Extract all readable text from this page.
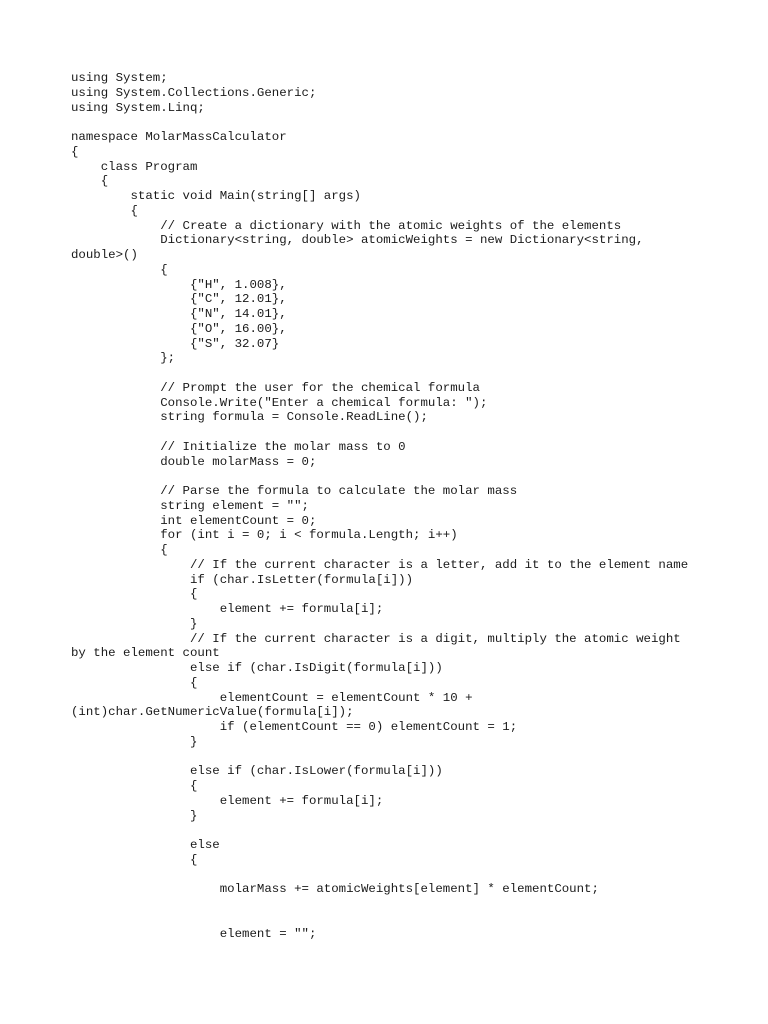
using System;
using System.Collections.Generic;
using System.Linq;
namespace MolarMassCalculator
{
class Program
{
static void Main(string[] args)
{
// Create a dictionary with the atomic weights of the elements
Dictionary<string, double> atomicWeights = new Dictionary<string,
double>()
{
{"H", 1.008},
{"C", 12.01},
{"N", 14.01},
{"O", 16.00},
{"S", 32.07}
};
// Prompt the user for the chemical formula
Console.Write("Enter a chemical formula: ");
string formula = Console.ReadLine();
// Initialize the molar mass to 0
double molarMass = 0;
// Parse the formula to calculate the molar mass
string element = "";
int elementCount = 0;
for (int i = 0; i < formula.Length; i++)
{
// If the current character is a letter, add it to the element name
if (char.IsLetter(formula[i]))
{
element += formula[i];
}
// If the current character is a digit, multiply the atomic weight
by the element count
else if (char.IsDigit(formula[i]))
{
elementCount = elementCount * 10 +
(int)char.GetNumericValue(formula[i]);
if (elementCount == 0) elementCount = 1;
}
else if (char.IsLower(formula[i]))
{
element += formula[i];
}
else
{
molarMass += atomicWeights[element] * elementCount;
element = "";
